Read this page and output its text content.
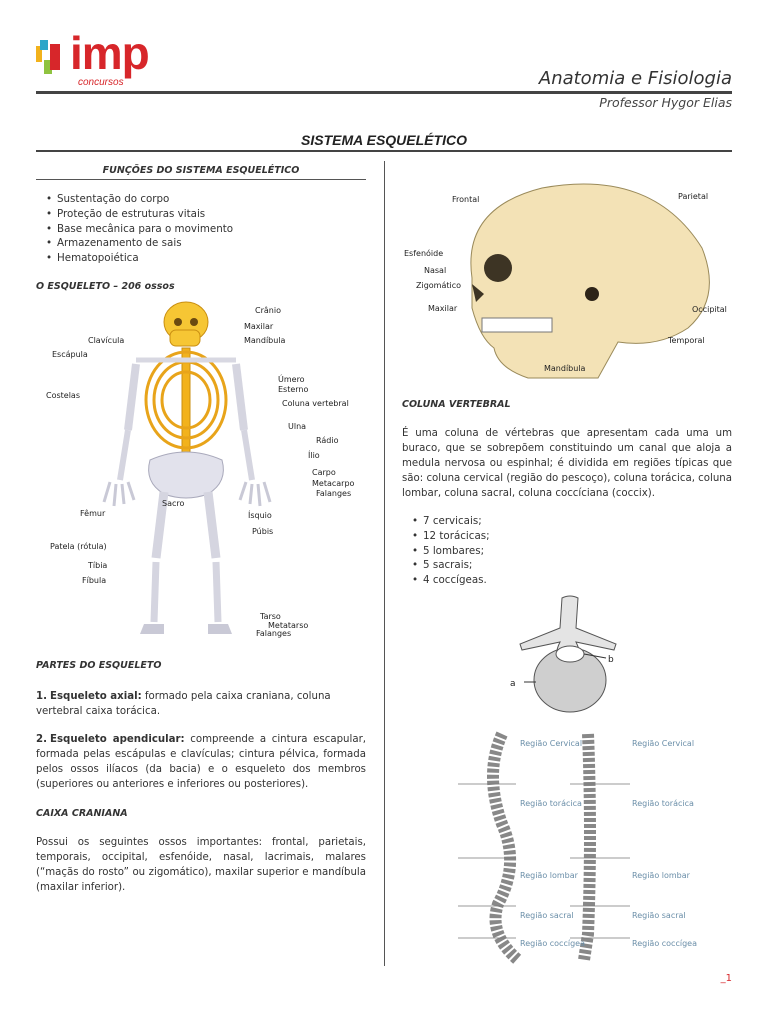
imp
concursos	Anatomia e Fisiologia
Professor Hygor Elias
SISTEMA ESQUELÉTICO
FUNÇÕES DO SISTEMA ESQUELÉTICO
• Sustentação do corpo
• Proteção de estruturas vitais
• Base mecânica para o movimento
• Armazenamento de sais
• Hematopoiética
O ESQUELETO – 206 ossos
Crânio
Maxilar
Mandíbula
Úmero
Esterno
Coluna vertebral
Ulna
Rádio
Ílio
Carpo
Metacarpo
Falanges
Ísquio
Púbis
Tarso
Metatarso
Falanges
Clavícula
Escápula
Costelas
Sacro
Fêmur
Patela (rótula)
Tíbia
Fíbula
PARTES DO ESQUELETO
1. Esqueleto axial: formado pela caixa craniana, coluna vertebral caixa torácica.
2. Esqueleto apendicular: compreende a cintura escapular, formada pelas escápulas e clavículas; cintura pélvica, formada pelos ossos ilíacos (da bacia) e o esqueleto dos membros (superiores ou anteriores e inferiores ou posteriores).
CAIXA CRANIANA
Possui os seguintes ossos importantes: frontal, parietais, temporais, occipital, esfenóide, nasal, lacrimais, malares (“maçãs do rosto” ou zigomático), maxilar superior e mandíbula (maxilar inferior).
Frontal	Parietal
Esfenóide
Nasal
Zigomático
Maxilar	Occipital
Temporal
Mandíbula
COLUNA VERTEBRAL
É uma coluna de vértebras que apresentam cada uma um buraco, que se sobrepõem constituindo um canal que aloja a medula nervosa ou espinhal; é dividida em regiões típicas que são: coluna cervical (região do pescoço), coluna torácica, coluna lombar, coluna sacral, coluna coccíciana (coccix).
• 7 cervicais;
• 12 torácicas;
• 5 lombares;
• 5 sacrais;
• 4 coccígeas.
a
b
Região Cervical
Região torácica
Região lombar
Região sacral
Região coccígea
Região Cervical
Região torácica
Região lombar
Região sacral
Região coccígea
_1
